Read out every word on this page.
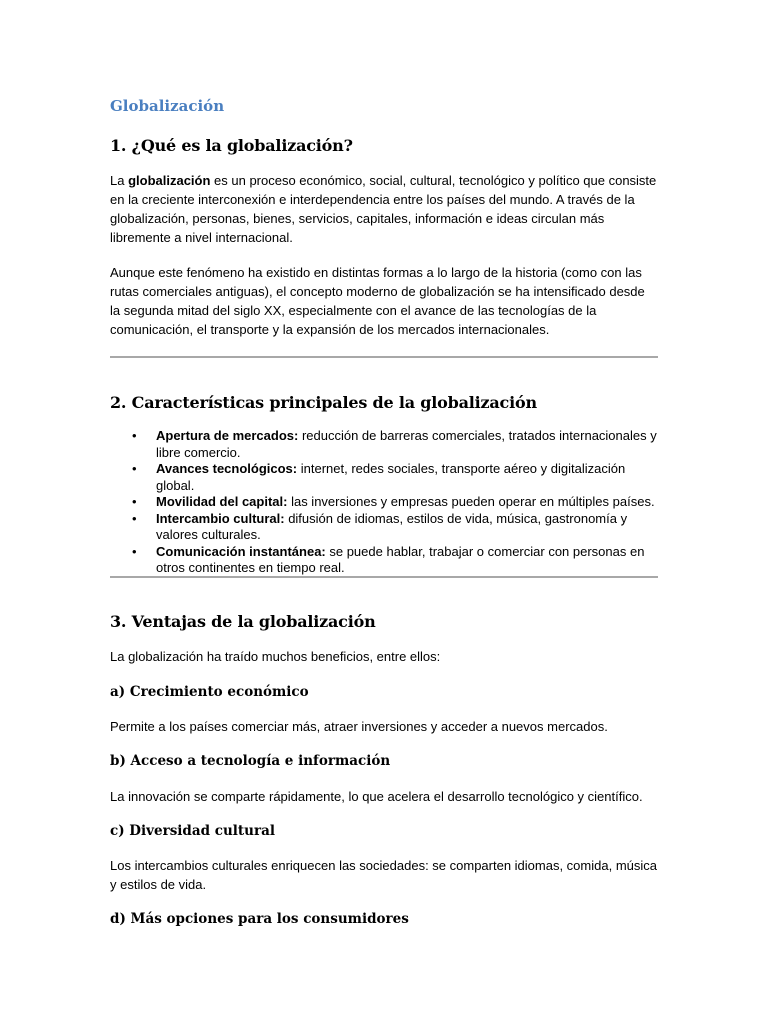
Globalización
1. ¿Qué es la globalización?

La globalización es un proceso económico, social, cultural, tecnológico y político que consiste en la creciente interconexión e interdependencia entre los países del mundo. A través de la globalización, personas, bienes, servicios, capitales, información e ideas circulan más libremente a nivel internacional.

Aunque este fenómeno ha existido en distintas formas a lo largo de la historia (como con las rutas comerciales antiguas), el concepto moderno de globalización se ha intensificado desde la segunda mitad del siglo XX, especialmente con el avance de las tecnologías de la comunicación, el transporte y la expansión de los mercados internacionales.

2. Características principales de la globalización
• Apertura de mercados: reducción de barreras comerciales, tratados internacionales y libre comercio.
• Avances tecnológicos: internet, redes sociales, transporte aéreo y digitalización global.
• Movilidad del capital: las inversiones y empresas pueden operar en múltiples países.
• Intercambio cultural: difusión de idiomas, estilos de vida, música, gastronomía y valores culturales.
• Comunicación instantánea: se puede hablar, trabajar o comerciar con personas en otros continentes en tiempo real.
3. Ventajas de la globalización

La globalización ha traído muchos beneficios, entre ellos:

a) Crecimiento económico

Permite a los países comerciar más, atraer inversiones y acceder a nuevos mercados.

b) Acceso a tecnología e información

La innovación se comparte rápidamente, lo que acelera el desarrollo tecnológico y científico.

c) Diversidad cultural

Los intercambios culturales enriquecen las sociedades: se comparten idiomas, comida, música y estilos de vida.

d) Más opciones para los consumidores
